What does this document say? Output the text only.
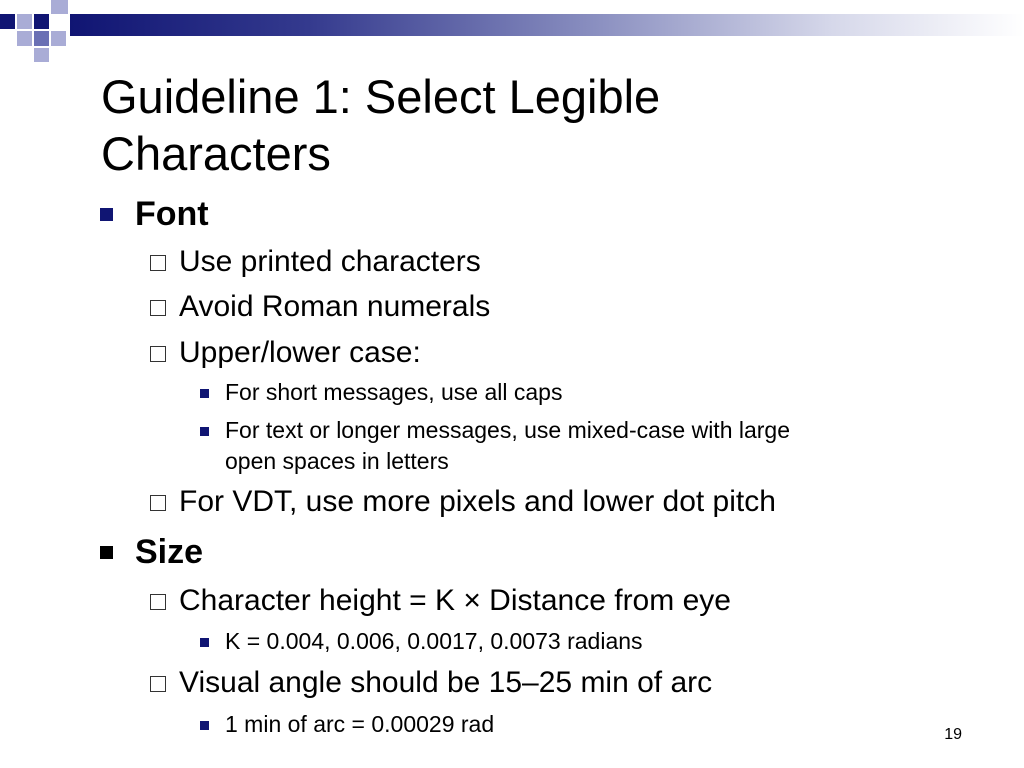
Guideline 1: Select Legible
Characters
Font
Use printed characters
Avoid Roman numerals
Upper/lower case:
For short messages, use all caps
For text or longer messages, use mixed-case with large
open spaces in letters
For VDT, use more pixels and lower dot pitch
Size
Character height = K × Distance from eye
K = 0.004, 0.006, 0.0017, 0.0073 radians
Visual angle should be 15–25 min of arc
1 min of arc = 0.00029 rad	19
